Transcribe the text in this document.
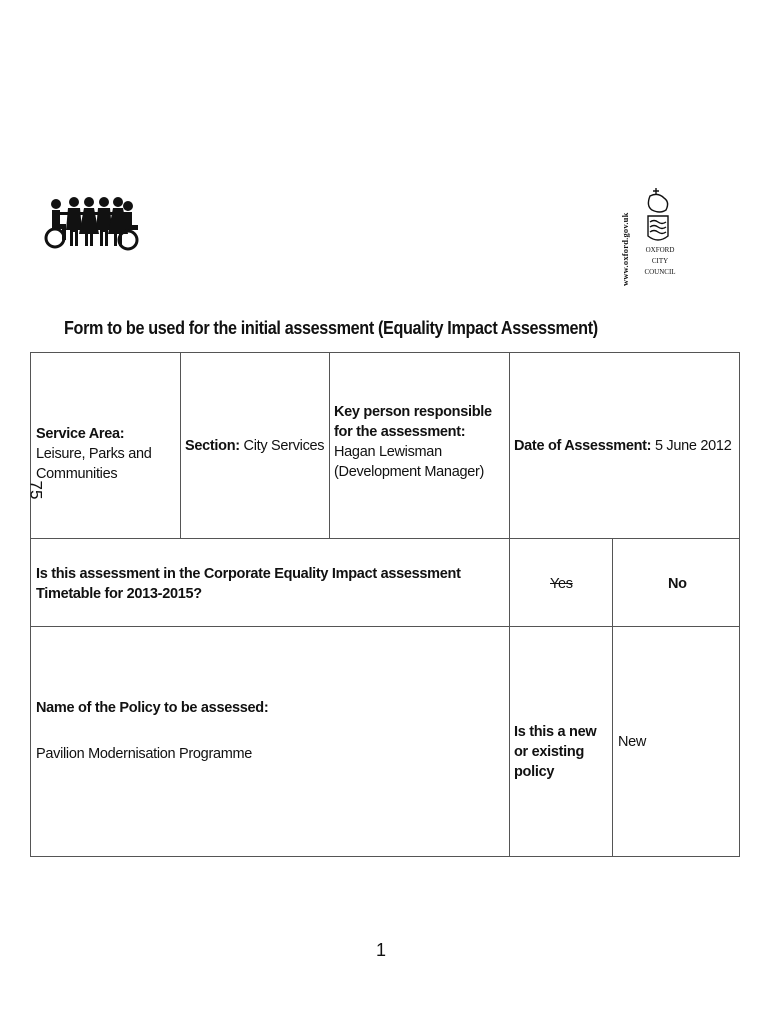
www.oxford.gov.uk	OXFORD
CITY
COUNCIL
Form to be used for the initial assessment (Equality Impact Assessment)
Service Area: Leisure, Parks and Communities
Section: City Services
Key person responsible for the assessment:
Hagan Lewisman (Development Manager)
Date of Assessment: 5 June 2012
75
Is this assessment in the Corporate Equality Impact assessment Timetable for 2013-2015?
Yes	No
Name of the Policy to be assessed:
Pavilion Modernisation Programme
Is this a new or existing policy
New
1
